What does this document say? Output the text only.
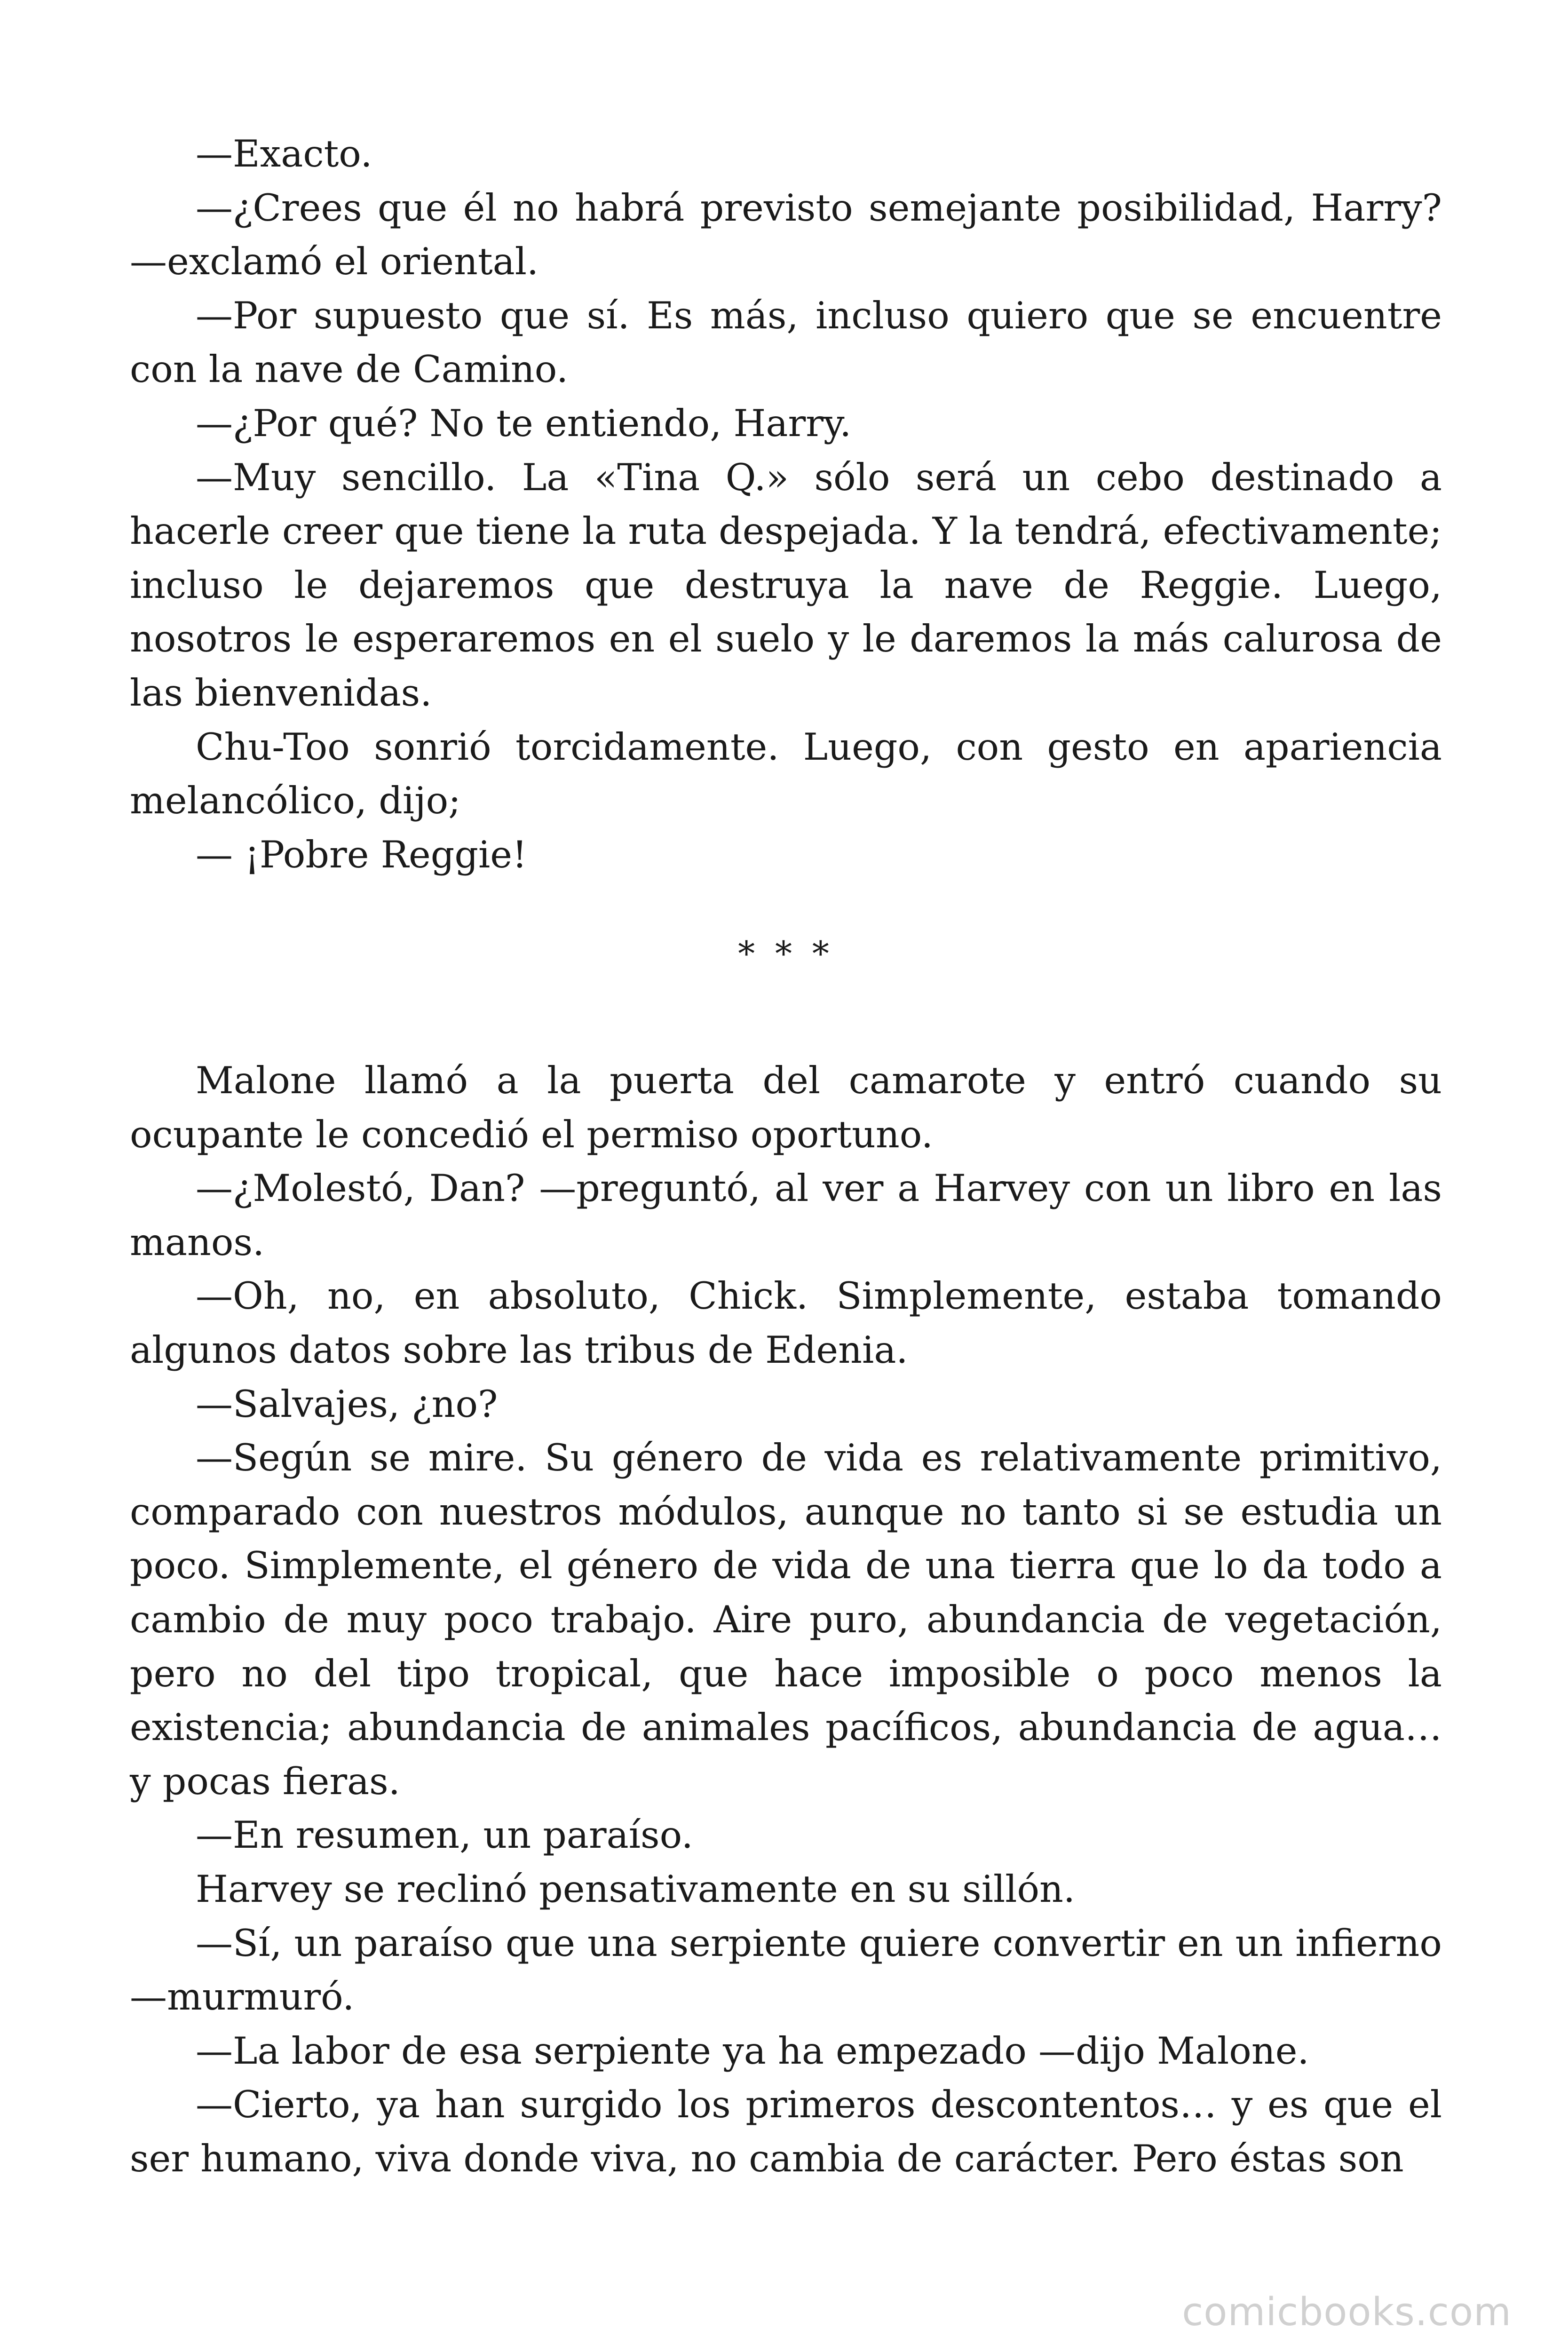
—Exacto.

—¿Crees que él no habrá previsto semejante posibilidad, Harry? —exclamó el oriental.

—Por supuesto que sí. Es más, incluso quiero que se encuentre con la nave de Camino.

—¿Por qué? No te entiendo, Harry.

—Muy sencillo. La «Tina Q.» sólo será un cebo destinado a hacerle creer que tiene la ruta despejada. Y la tendrá, efectivamente; incluso le dejaremos que destruya la nave de Reggie. Luego, nosotros le esperaremos en el suelo y le daremos la más calurosa de las bienvenidas.

Chu-Too sonrió torcidamente. Luego, con gesto en apariencia melancólico, dijo;

— ¡Pobre Reggie!

* * *

Malone llamó a la puerta del camarote y entró cuando su ocupante le concedió el permiso oportuno.

—¿Molestó, Dan? —preguntó, al ver a Harvey con un libro en las manos.

—Oh, no, en absoluto, Chick. Simplemente, estaba tomando algunos datos sobre las tribus de Edenia.

—Salvajes, ¿no?

—Según se mire. Su género de vida es relativamente primitivo, comparado con nuestros módulos, aunque no tanto si se estudia un poco. Simplemente, el género de vida de una tierra que lo da todo a cambio de muy poco trabajo. Aire puro, abundancia de vegetación, pero no del tipo tropical, que hace imposible o poco menos la existencia; abundancia de animales pacíficos, abundancia de agua… y pocas fieras.

—En resumen, un paraíso.

Harvey se reclinó pensativamente en su sillón.

—Sí, un paraíso que una serpiente quiere convertir en un infierno —murmuró.

—La labor de esa serpiente ya ha empezado —dijo Malone.

—Cierto, ya han surgido los primeros descontentos… y es que el ser humano, viva donde viva, no cambia de carácter. Pero éstas son

comicbooks.com
